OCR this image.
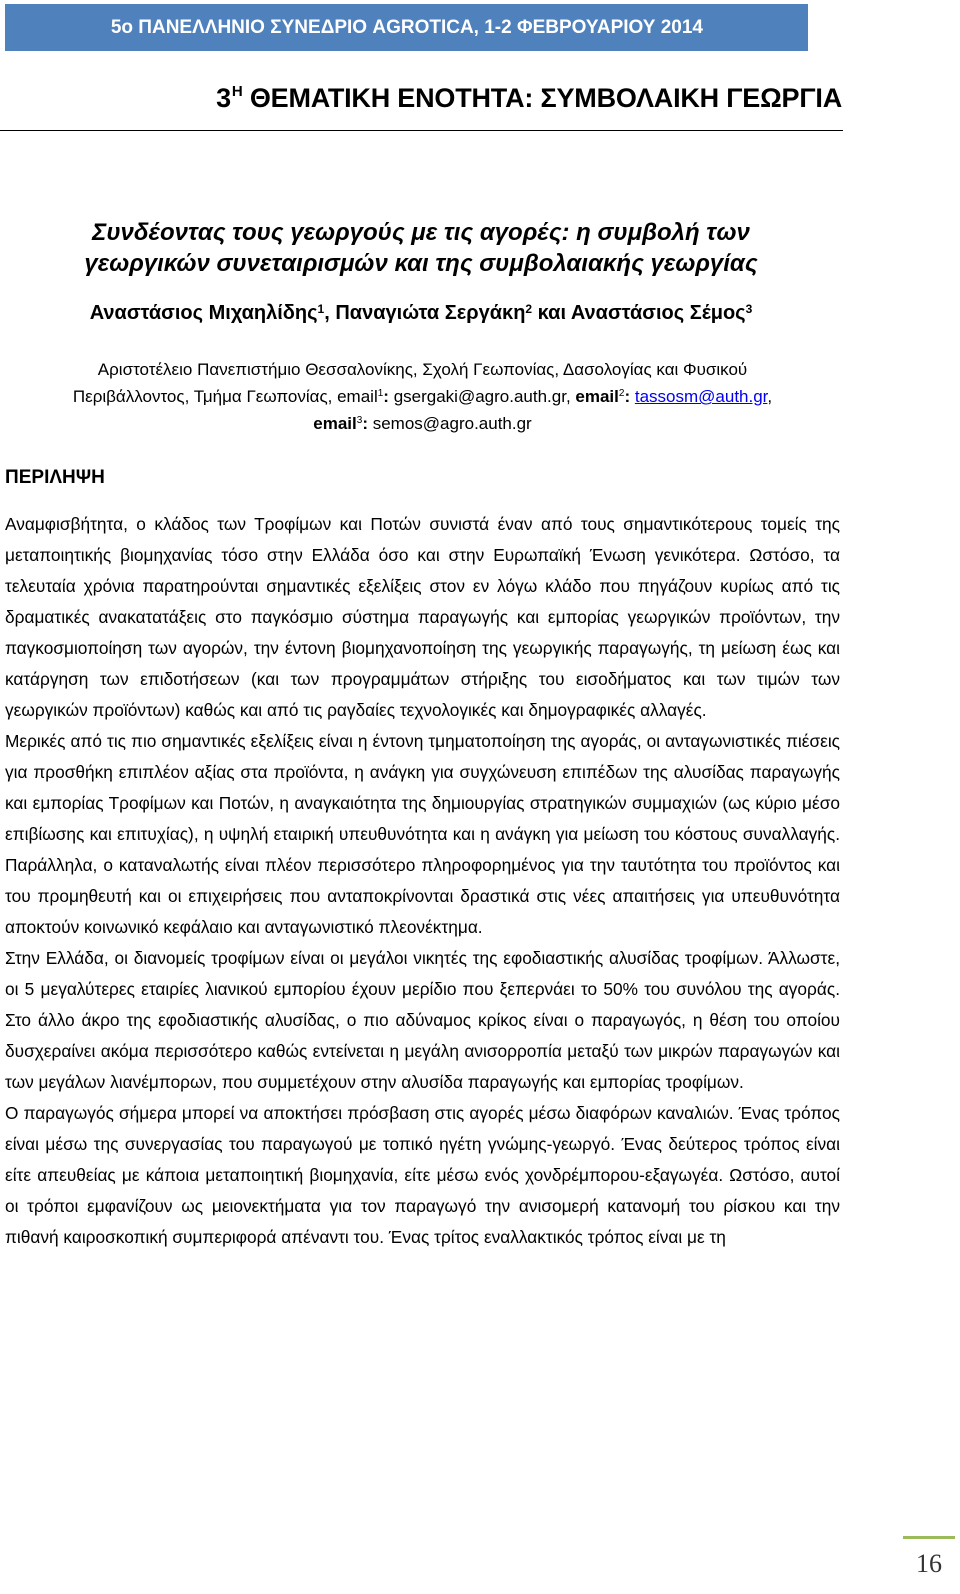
5ο ΠΑΝΕΛΛΗΝΙΟ ΣΥΝΕΔΡΙΟ AGROTICA, 1-2 ΦΕΒΡΟΥΑΡΙΟΥ 2014
$3^H$ ΘΕΜΑΤΙΚΗ ΕΝΟΤΗΤΑ: ΣΥΜΒΟΛΑΙΚΗ ΓΕΩΡΓΙΑ
Συνδέοντας τους γεωργούς με τις αγορές: η συμβολή των
γεωργικών συνεταιρισμών και της συμβολαιακής γεωργίας
Αναστάσιος Μιχαηλίδης$^1$, Παναγιώτα Σεργάκη$^2$ και Αναστάσιος Σέμος$^3$
Αριστοτέλειο Πανεπιστήμιο Θεσσαλονίκης, Σχολή Γεωπονίας, Δασολογίας και Φυσικού
Περιβάλλοντος, Τμήμα Γεωπονίας, email$^1$: gsergaki@agro.auth.gr, email$^2$: tassosm@auth.gr,
email$^3$: semos@agro.auth.gr
ΠΕΡΙΛΗΨΗ

Αναμφισβήτητα, ο κλάδος των Τροφίμων και Ποτών συνιστά έναν από τους σημαντικότερους τομείς της μεταποιητικής βιομηχανίας τόσο στην Ελλάδα όσο και στην Ευρωπαϊκή Ένωση γενικότερα. Ωστόσο, τα τελευταία χρόνια παρατηρούνται σημαντικές εξελίξεις στον εν λόγω κλάδο που πηγάζουν κυρίως από τις δραματικές ανακατατάξεις στο παγκόσμιο σύστημα παραγωγής και εμπορίας γεωργικών προϊόντων, την παγκοσμιοποίηση των αγορών, την έντονη βιομηχανοποίηση της γεωργικής παραγωγής, τη μείωση έως και κατάργηση των επιδοτήσεων (και των προγραμμάτων στήριξης του εισοδήματος και των τιμών των γεωργικών προϊόντων) καθώς και από τις ραγδαίες τεχνολογικές και δημογραφικές αλλαγές.

Μερικές από τις πιο σημαντικές εξελίξεις είναι η έντονη τμηματοποίηση της αγοράς, οι ανταγωνιστικές πιέσεις για προσθήκη επιπλέον αξίας στα προϊόντα, η ανάγκη για συγχώνευση επιπέδων της αλυσίδας παραγωγής και εμπορίας Τροφίμων και Ποτών, η αναγκαιότητα της δημιουργίας στρατηγικών συμμαχιών (ως κύριο μέσο επιβίωσης και επιτυχίας), η υψηλή εταιρική υπευθυνότητα και η ανάγκη για μείωση του κόστους συναλλαγής. Παράλληλα, ο καταναλωτής είναι πλέον περισσότερο πληροφορημένος για την ταυτότητα του προϊόντος και του προμηθευτή και οι επιχειρήσεις που ανταποκρίνονται δραστικά στις νέες απαιτήσεις για υπευθυνότητα αποκτούν κοινωνικό κεφάλαιο και ανταγωνιστικό πλεονέκτημα.

Στην Ελλάδα, οι διανομείς τροφίμων είναι οι μεγάλοι νικητές της εφοδιαστικής αλυσίδας τροφίμων. Άλλωστε, οι 5 μεγαλύτερες εταιρίες λιανικού εμπορίου έχουν μερίδιο που ξεπερνάει το 50% του συνόλου της αγοράς. Στο άλλο άκρο της εφοδιαστικής αλυσίδας, ο πιο αδύναμος κρίκος είναι ο παραγωγός, η θέση του οποίου δυσχεραίνει ακόμα περισσότερο καθώς εντείνεται η μεγάλη ανισορροπία μεταξύ των μικρών παραγωγών και των μεγάλων λιανέμπορων, που συμμετέχουν στην αλυσίδα παραγωγής και εμπορίας τροφίμων.

Ο παραγωγός σήμερα μπορεί να αποκτήσει πρόσβαση στις αγορές μέσω διαφόρων καναλιών. Ένας τρόπος είναι μέσω της συνεργασίας του παραγωγού με τοπικό ηγέτη γνώμης-γεωργό. Ένας δεύτερος τρόπος είναι είτε απευθείας με κάποια μεταποιητική βιομηχανία, είτε μέσω ενός χονδρέμπορου-εξαγωγέα. Ωστόσο, αυτοί οι τρόποι εμφανίζουν ως μειονεκτήματα για τον παραγωγό την ανισομερή κατανομή του ρίσκου και την πιθανή καιροσκοπική συμπεριφορά απέναντι του. Ένας τρίτος εναλλακτικός τρόπος είναι με τη

16
